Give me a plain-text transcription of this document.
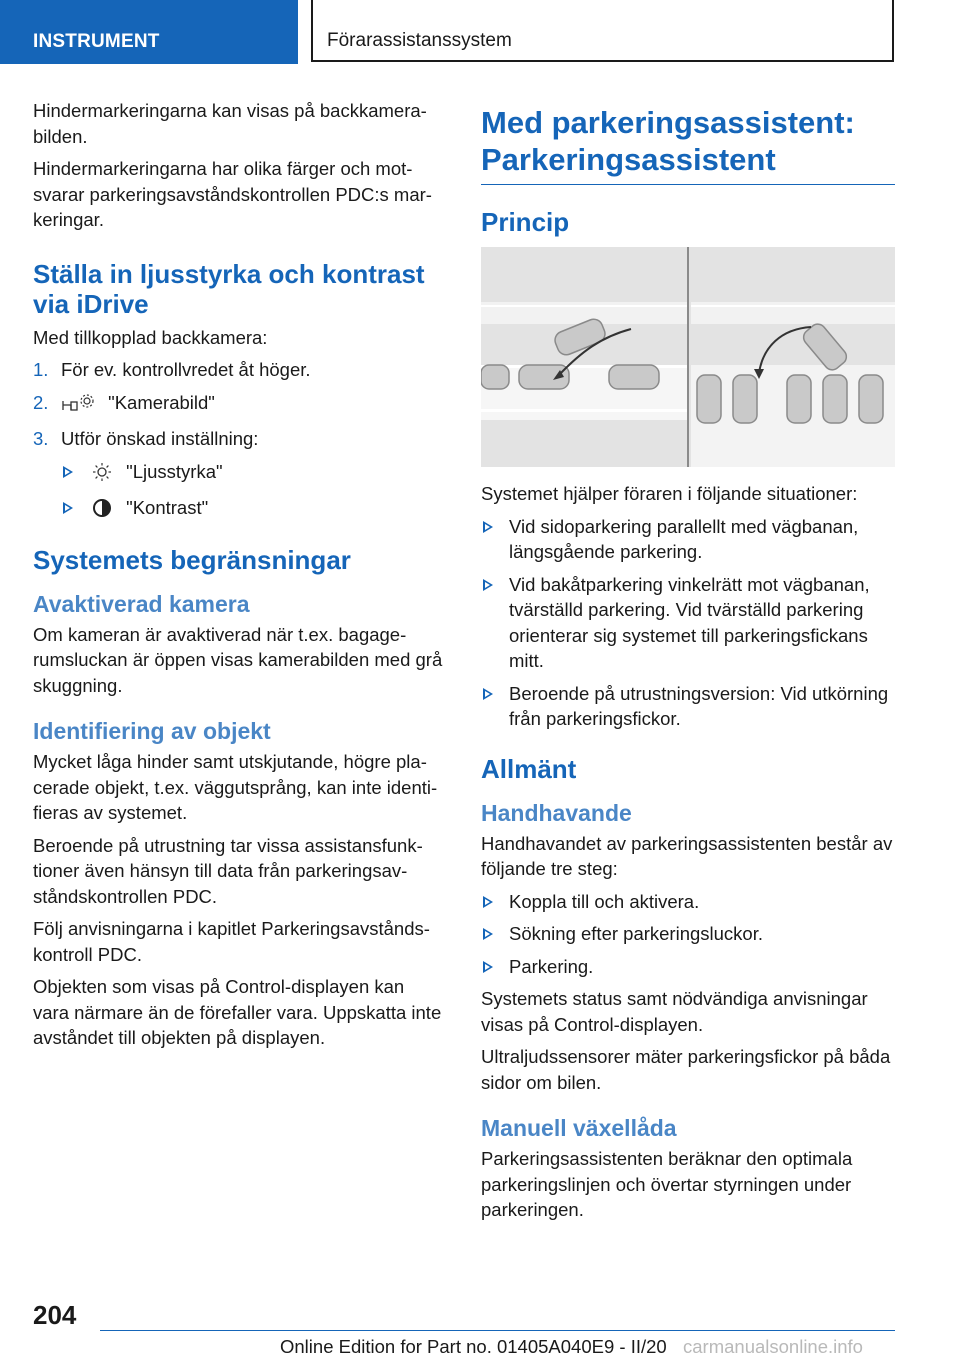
INSTRUMENT	Förarassistanssystem

Hindermarkeringarna kan visas på backkamerabilden.

Hindermarkeringarna har olika färger och motsvarar parkeringsavståndskontrollen PDC:s markeringar.

Ställa in ljusstyrka och kontrast via iDrive

Med tillkopplad backkamera:

1. För ev. kontrollvredet åt höger.
2.	"Kamerabild"
3. Utför önskad inställning:
"Ljusstyrka"
"Kontrast"
Systemets begränsningar
Avaktiverad kamera

Om kameran är avaktiverad när t.ex. bagagerumsluckan är öppen visas kamerabilden med grå skuggning.

Identifiering av objekt

Mycket låga hinder samt utskjutande, högre placerade objekt, t.ex. väggutsprång, kan inte identifieras av systemet.

Beroende på utrustning tar vissa assistansfunktioner även hänsyn till data från parkeringsavståndskontrollen PDC.

Följ anvisningarna i kapitlet Parkeringsavståndskontroll PDC.

Objekten som visas på Control-displayen kan vara närmare än de förefaller vara. Uppskatta inte avståndet till objekten på displayen.

Med parkeringsassistent: Parkeringsassistent
Princip

Systemet hjälper föraren i följande situationer:

Vid sidoparkering parallellt med vägbanan, längsgående parkering.
Vid bakåtparkering vinkelrätt mot vägbanan, tvärställd parkering. Vid tvärställd parkering orienterar sig systemet till parkeringsfickans mitt.
Beroende på utrustningsversion: Vid utkörning från parkeringsfickor.
Allmänt
Handhavande

Handhavandet av parkeringsassistenten består av följande tre steg:

Koppla till och aktivera.
Sökning efter parkeringsluckor.
Parkering.

Systemets status samt nödvändiga anvisningar visas på Control-displayen.

Ultraljudssensorer mäter parkeringsfickor på båda sidor om bilen.

Manuell växellåda

Parkeringsassistenten beräknar den optimala parkeringslinjen och övertar styrningen under parkeringen.

204
Online Edition for Part no. 01405A040E9 - II/20 carmanualsonline.info
